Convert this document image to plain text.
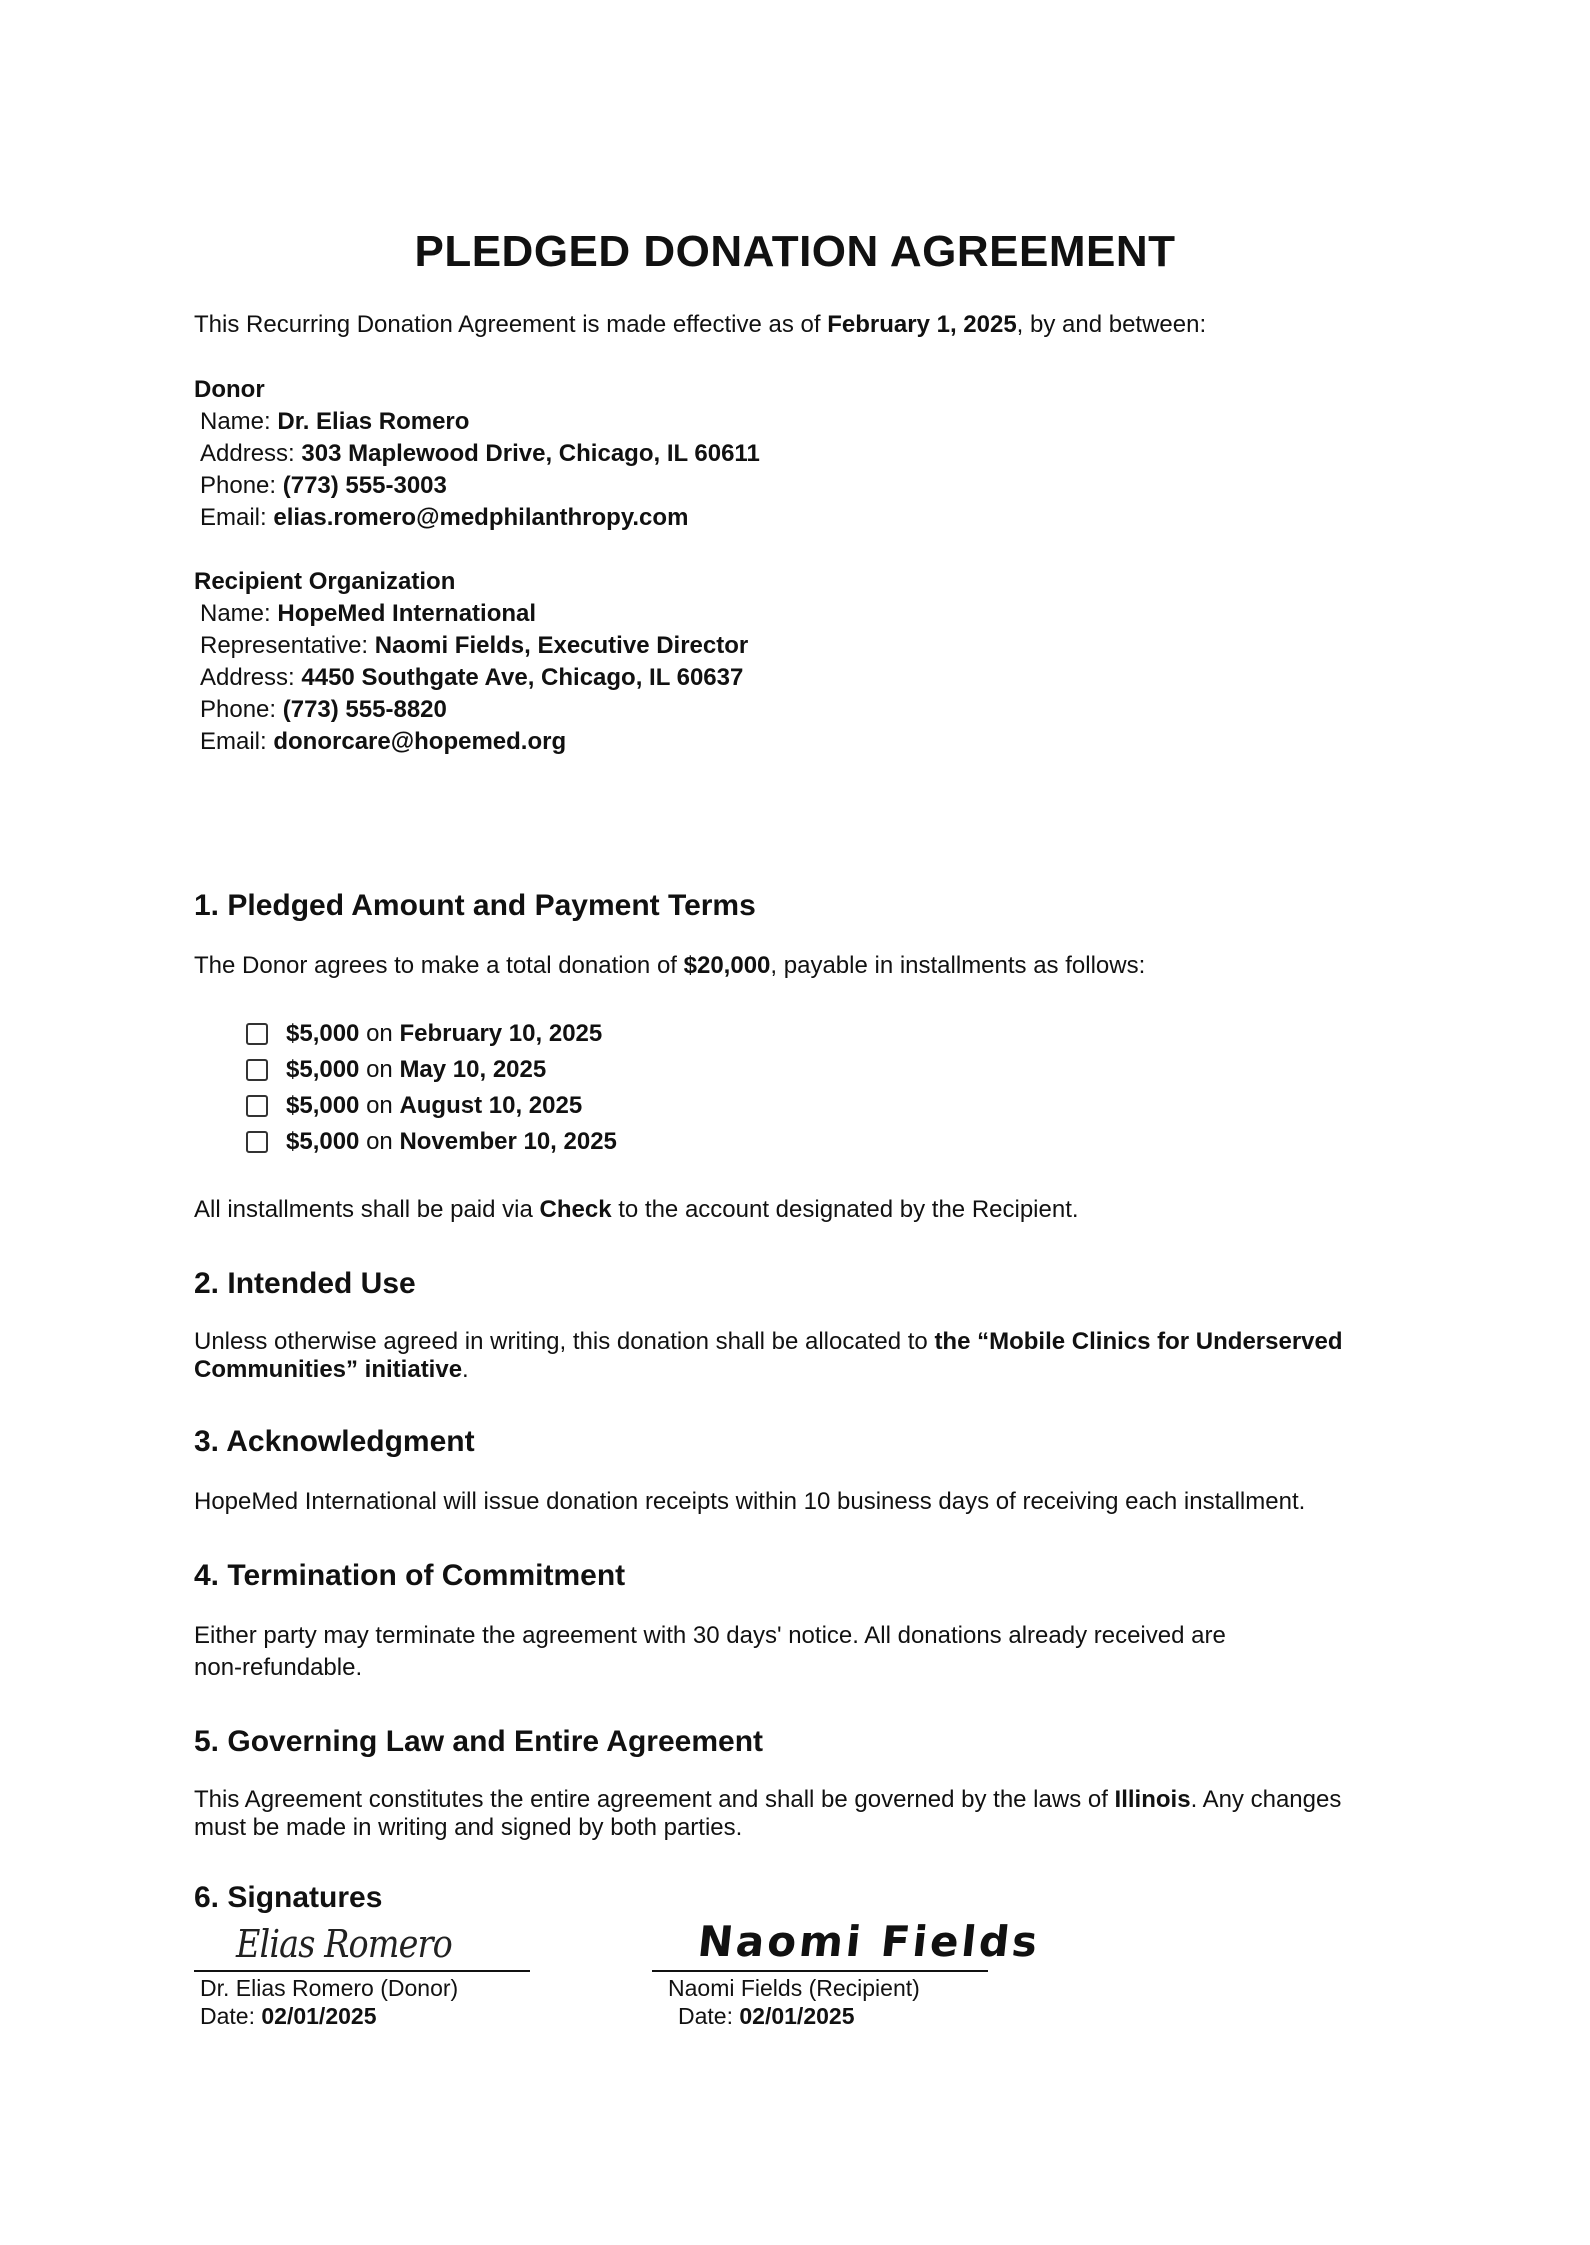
PLEDGED DONATION AGREEMENT

This Recurring Donation Agreement is made effective as of February 1, 2025, by and between:

Donor
Name: Dr. Elias Romero
Address: 303 Maplewood Drive, Chicago, IL 60611
Phone: (773) 555-3003
Email: elias.romero@medphilanthropy.com
Recipient Organization
Name: HopeMed International
Representative: Naomi Fields, Executive Director
Address: 4450 Southgate Ave, Chicago, IL 60637
Phone: (773) 555-8820
Email: donorcare@hopemed.org
1. Pledged Amount and Payment Terms

The Donor agrees to make a total donation of $20,000, payable in installments as follows:

$5,000 on February 10, 2025
$5,000 on May 10, 2025
$5,000 on August 10, 2025
$5,000 on November 10, 2025

All installments shall be paid via Check to the account designated by the Recipient.

2. Intended Use

Unless otherwise agreed in writing, this donation shall be allocated to the “Mobile Clinics for Underserved Communities” initiative.

3. Acknowledgment

HopeMed International will issue donation receipts within 10 business days of receiving each installment.

4. Termination of Commitment

Either party may terminate the agreement with 30 days' notice. All donations already received are non-refundable.

5. Governing Law and Entire Agreement

This Agreement constitutes the entire agreement and shall be governed by the laws of Illinois. Any changes must be made in writing and signed by both parties.

6. Signatures
Elias Romero
Dr. Elias Romero (Donor)
Date: 02/01/2025
Naomi Fields
Naomi Fields (Recipient)
Date: 02/01/2025
